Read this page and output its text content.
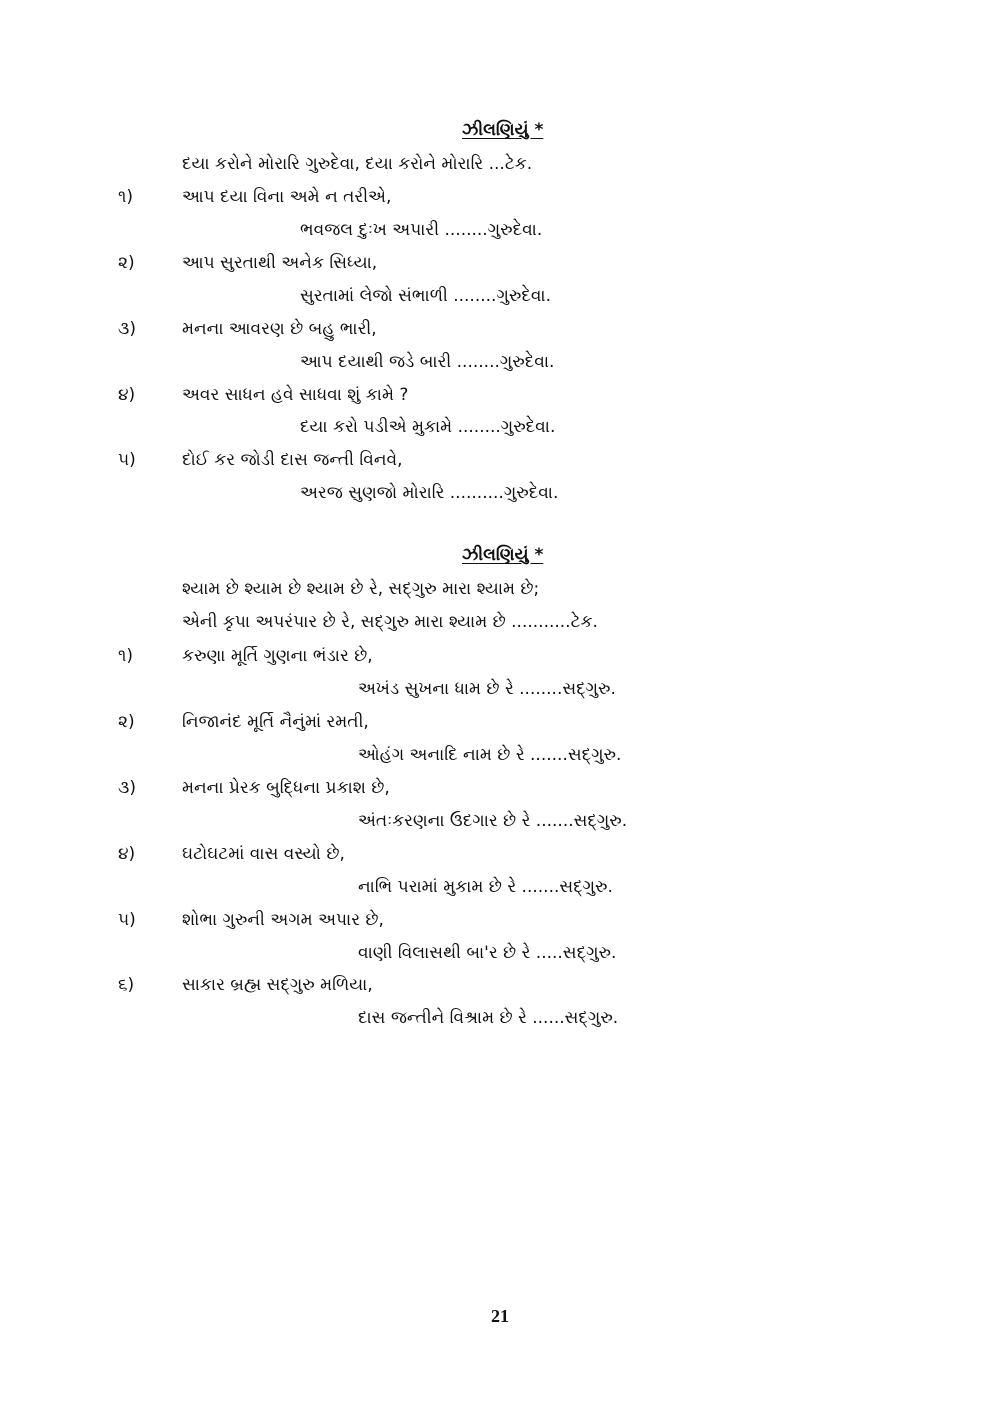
ઝીલણિયું *
દયા કરોને મોરારિ ગુરુદેવા, દયા કરોને મોરારિ ...ટેક.
૧)	આપ દયા વિના અમે ન તરીએ,
ભવજલ દુઃખ અપારી ........ગુરુદેવા.
૨)	આપ સુરતાથી અનેક સિધ્યા,
સુરતામાં લેજો સંભાળી ........ગુરુદેવા.
૩)	મનના આવરણ છે બહુ ભારી,
આપ દયાથી જડે બારી ........ગુરુદેવા.
૪)	અવર સાધન હવે સાધવા શું કામે ?
દયા કરો પડીએ મુકામે ........ગુરુદેવા.
૫)	દોઈ કર જોડી દાસ જન્તી વિનવે,
અરજ સુણજો મોરારિ ..........ગુરુદેવા.
ઝીલણિયું *
શ્યામ છે શ્યામ છે શ્યામ છે રે, સદ્ગુરુ મારા શ્યામ છે;
એની કૃપા અપરંપાર છે રે, સદ્ગુરુ મારા શ્યામ છે ...........ટેક.
૧)	કરુણા મૂર્તિ ગુણના ભંડાર છે,
અખંડ સુખના ધામ છે રે ........સદ્ગુરુ.
૨)	નિજાનંદ મૂર્તિ નૈનુંમાં રમતી,
ઓહંગ અનાદિ નામ છે રે .......સદ્ગુરુ.
૩)	મનના પ્રેરક બુદ્ધિના પ્રકાશ છે,
અંતઃકરણના ઉદગાર છે રે .......સદ્ગુરુ.
૪)	ઘટોઘટમાં વાસ વસ્યો છે,
નાભિ પરામાં મુકામ છે રે .......સદ્ગુરુ.
૫)	શોભા ગુરુની અગમ અપાર છે,
વાણી વિલાસથી બા'ર છે રે .....સદ્ગુરુ.
૬)	સાકાર બ્રહ્મ સદ્ગુરુ મળિયા,
દાસ જન્તીને વિશ્રામ છે રે ......સદ્ગુરુ.
21
